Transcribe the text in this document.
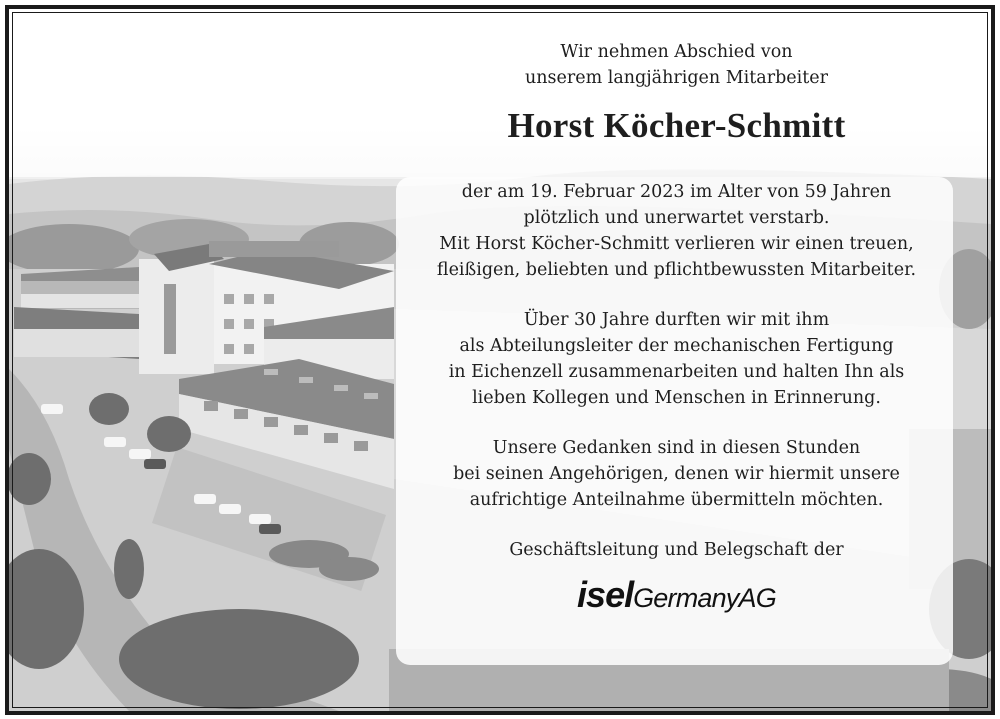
Wir nehmen Abschied von
unserem langjährigen Mitarbeiter
Horst Köcher-Schmitt
der am 19. Februar 2023 im Alter von 59 Jahren
plötzlich und unerwartet verstarb.
Mit Horst Köcher-Schmitt verlieren wir einen treuen,
fleißigen, beliebten und pflichtbewussten Mitarbeiter.
Über 30 Jahre durften wir mit ihm
als Abteilungsleiter der mechanischen Fertigung
in Eichenzell zusammenarbeiten und halten Ihn als
lieben Kollegen und Menschen in Erinnerung.
Unsere Gedanken sind in diesen Stunden
bei seinen Angehörigen, denen wir hiermit unsere
aufrichtige Anteilnahme übermitteln möchten.
Geschäftsleitung und Belegschaft der
isel GermanyAG
